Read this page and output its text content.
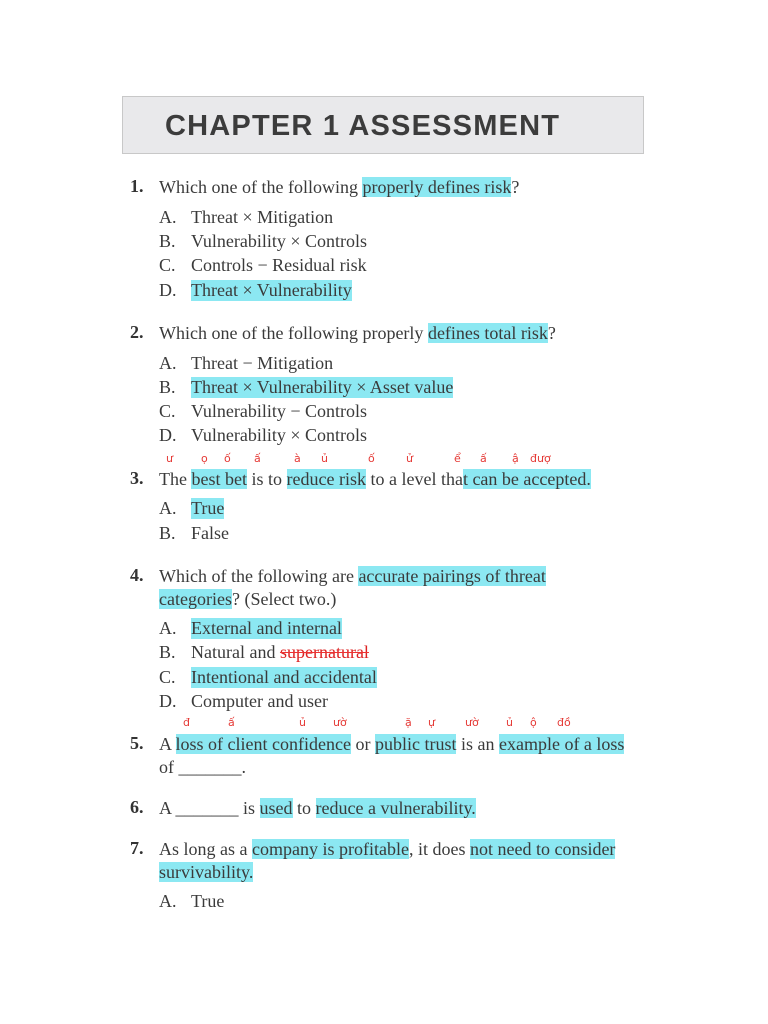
CHAPTER 1 ASSESSMENT
1. Which one of the following properly defines risk?
A. Threat × Mitigation
B. Vulnerability × Controls
C. Controls − Residual risk
D. Threat × Vulnerability
2. Which one of the following properly defines total risk?
A. Threat − Mitigation
B. Threat × Vulnerability × Asset value
C. Vulnerability − Controls
D. Vulnerability × Controls
ư	ọ ố ấ	à ủ	ố	ử	ể ấ ậ đượ
3. The best bet is to reduce risk to a level that can be accepted.
A. True
B. False
4. Which of the following are accurate pairings of threat
categories? (Select two.)
A. External and internal
B. Natural and supernatural
C. Intentional and accidental
D. Computer and user
đ	ấ	ủ ườ	ặ ự	ườ ủ ộ đồ
5. A loss of client confidence or public trust is an example of a loss
of _______.
6. A _______ is used to reduce a vulnerability.
7. As long as a company is profitable, it does not need to consider
survivability.
A. True
